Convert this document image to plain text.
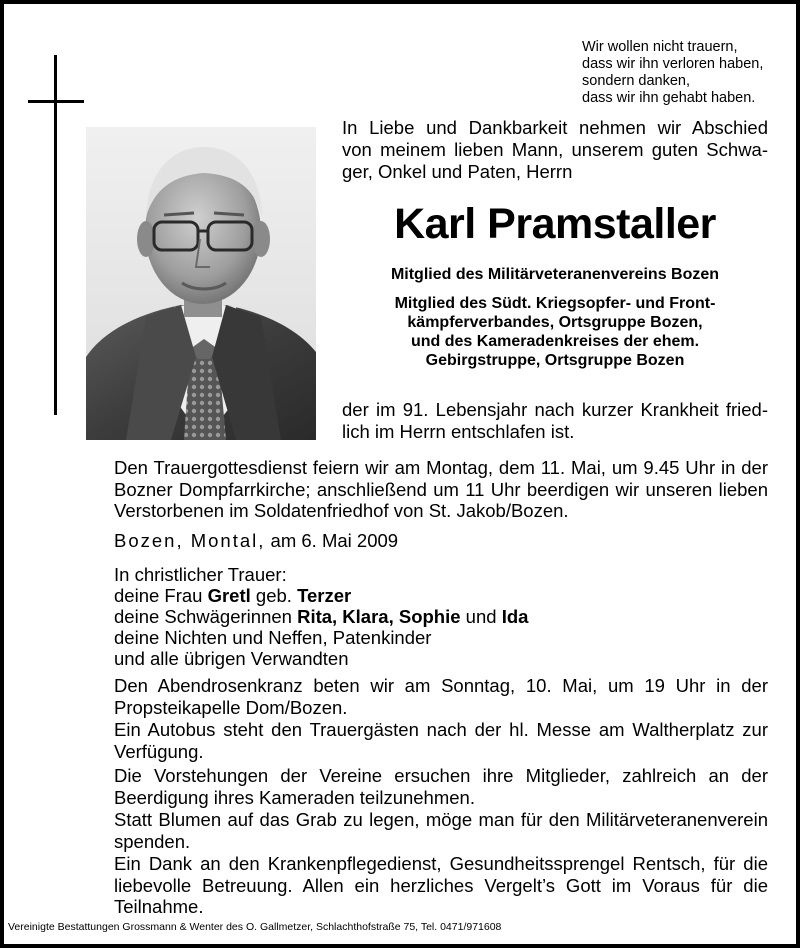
Wir wollen nicht trauern,
dass wir ihn verloren haben,
sondern danken,
dass wir ihn gehabt haben.
In Liebe und Dankbarkeit nehmen wir Abschied
von meinem lieben Mann, unserem guten Schwa-
ger, Onkel und Paten, Herrn
Karl Pramstaller
Mitglied des Militärveteranenvereins Bozen
Mitglied des Südt. Kriegsopfer- und Front-
kämpferverbandes, Ortsgruppe Bozen,
und des Kameradenkreises der ehem.
Gebirgstruppe, Ortsgruppe Bozen
der im 91. Lebensjahr nach kurzer Krankheit fried-
lich im Herrn entschlafen ist.
Den Trauergottesdienst feiern wir am Montag, dem 11. Mai, um 9.45 Uhr in der
Bozner Dompfarrkirche; anschließend um 11 Uhr beerdigen wir unseren lieben
Verstorbenen im Soldatenfriedhof von St. Jakob/Bozen.
Bozen, Montal, am 6. Mai 2009
In christlicher Trauer:
deine Frau Gretl geb. Terzer
deine Schwägerinnen Rita, Klara, Sophie und Ida
deine Nichten und Neffen, Patenkinder
und alle übrigen Verwandten
Den Abendrosenkranz beten wir am Sonntag, 10. Mai, um 19 Uhr in der
Propsteikapelle Dom/Bozen.
Ein Autobus steht den Trauergästen nach der hl. Messe am Waltherplatz zur
Verfügung.
Die Vorstehungen der Vereine ersuchen ihre Mitglieder, zahlreich an der
Beerdigung ihres Kameraden teilzunehmen.
Statt Blumen auf das Grab zu legen, möge man für den Militärveteranenverein
spenden.
Ein Dank an den Krankenpflegedienst, Gesundheitssprengel Rentsch, für die
liebevolle Betreuung. Allen ein herzliches Vergelt’s Gott im Voraus für die
Teilnahme.
Vereinigte Bestattungen Grossmann & Wenter des O. Gallmetzer, Schlachthofstraße 75, Tel. 0471/971608
